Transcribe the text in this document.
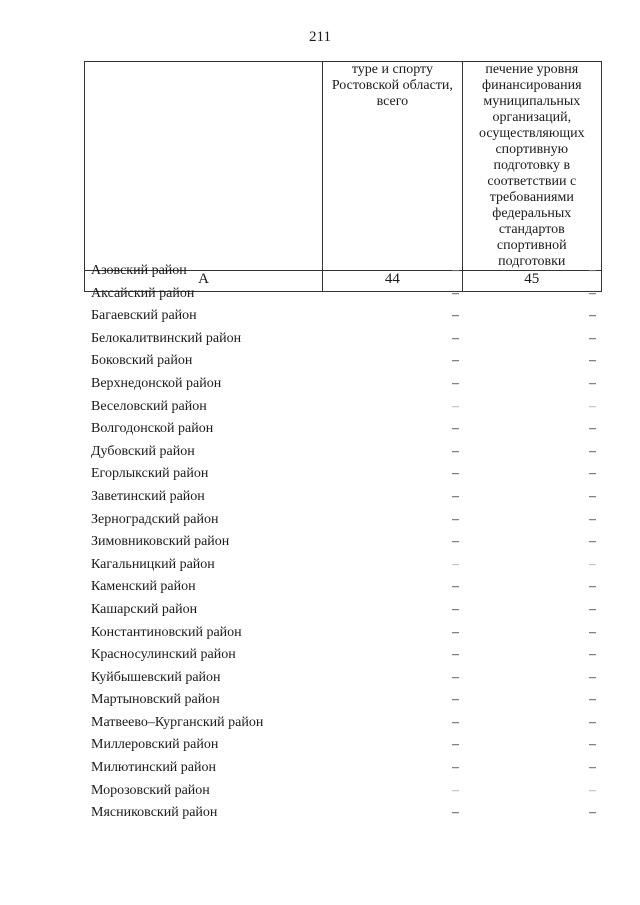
211
	туре и спорту Ростовской области, всего	печение уровня финансирования муниципальных организаций, осуществляющих спортивную подготовку в соответствии с требованиями федеральных стандартов спортивной подготовки
А	44	45
Азовский район	–	–
Аксайский район	–	–
Багаевский район	–	–
Белокалитвинский район	–	–
Боковский район	–	–
Верхнедонской район	–	–
Веселовский район	–	–
Волгодонской район	–	–
Дубовский район	–	–
Егорлыкский район	–	–
Заветинский район	–	–
Зерноградский район	–	–
Зимовниковский район	–	–
Кагальницкий район	–	–
Каменский район	–	–
Кашарский район	–	–
Константиновский район	–	–
Красносулинский район	–	–
Куйбышевский район	–	–
Мартыновский район	–	–
Матвеево–Курганский район	–	–
Миллеровский район	–	–
Милютинский район	–	–
Морозовский район	–	–
Мясниковский район	–	–
